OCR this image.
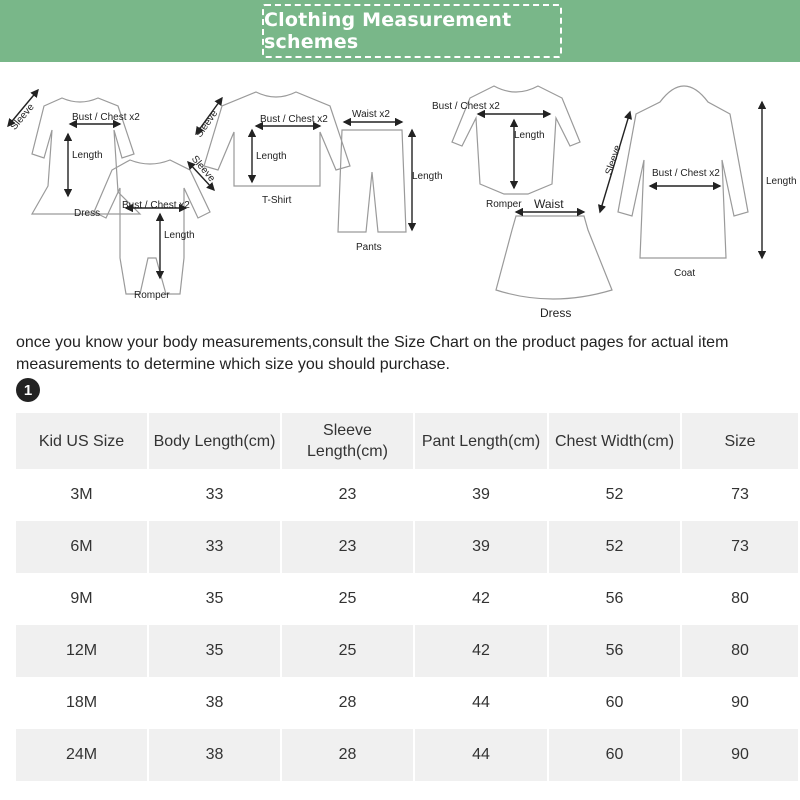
Clothing Measurement schemes
Bust / Chest x2
Length
Sleeve
Dress
Bust / Chest x2
Length
Sleeve
Romper
Bust / Chest x2
Length
Sleeve
T-Shirt
Waist x2
Length
Pants
Bust / Chest x2
Length
Romper Waist
Dress
Bust / Chest x2
Length
Sleeve
Coat

once you know your body measurements,consult the Size Chart on the product pages for actual item measurements to determine which size you should purchase.

1
Kid US Size	Body Length(cm)	Sleeve Length(cm)	Pant Length(cm)	Chest Width(cm)	Size
3M	33	23	39	52	73
6M	33	23	39	52	73
9M	35	25	42	56	80
12M	35	25	42	56	80
18M	38	28	44	60	90
24M	38	28	44	60	90
